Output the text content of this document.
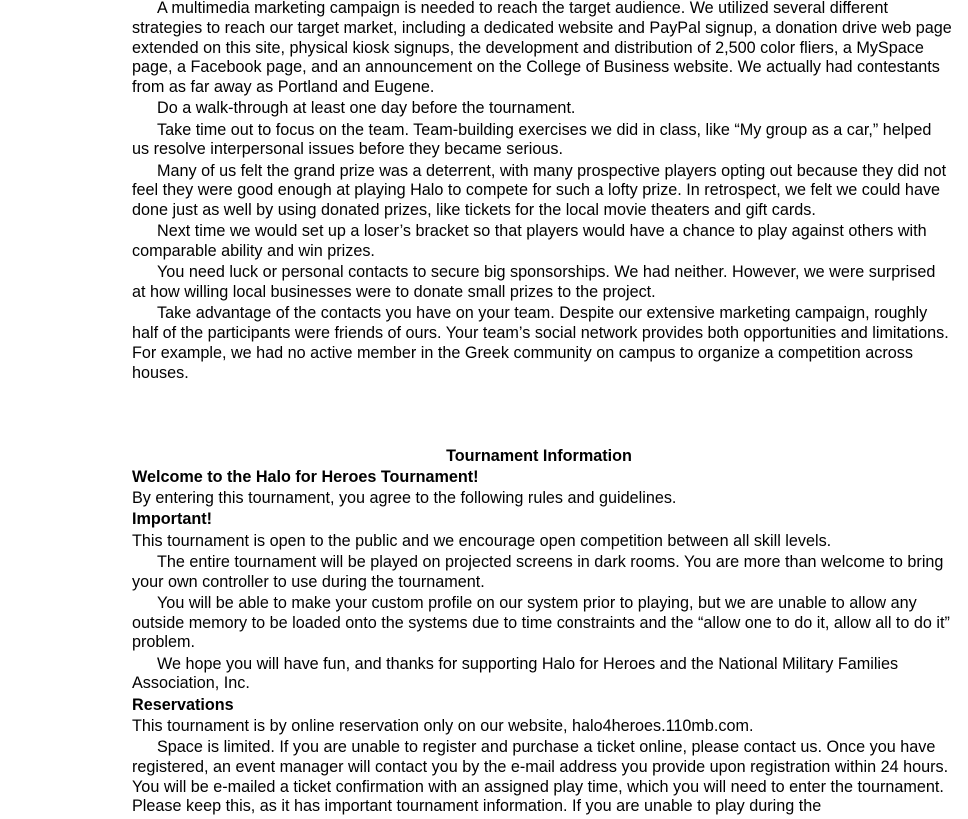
A multimedia marketing campaign is needed to reach the target audience. We utilized several different strategies to reach our target market, including a dedicated website and PayPal signup, a donation drive web page extended on this site, physical kiosk signups, the development and distribution of 2,500 color fliers, a MySpace page, a Facebook page, and an announcement on the College of Business website. We actually had contestants from as far away as Portland and Eugene.

Do a walk-through at least one day before the tournament.

Take time out to focus on the team. Team-building exercises we did in class, like “My group as a car,” helped us resolve interpersonal issues before they became serious.

Many of us felt the grand prize was a deterrent, with many prospective players opting out because they did not feel they were good enough at playing Halo to compete for such a lofty prize. In retrospect, we felt we could have done just as well by using donated prizes, like tickets for the local movie theaters and gift cards.

Next time we would set up a loser’s bracket so that players would have a chance to play against others with comparable ability and win prizes.

You need luck or personal contacts to secure big sponsorships. We had neither. However, we were surprised at how willing local businesses were to donate small prizes to the project.

Take advantage of the contacts you have on your team. Despite our extensive marketing campaign, roughly half of the participants were friends of ours. Your team’s social network provides both opportunities and limitations. For example, we had no active member in the Greek community on campus to organize a competition across houses.

Tournament Information

Welcome to the Halo for Heroes Tournament!

By entering this tournament, you agree to the following rules and guidelines.

Important!

This tournament is open to the public and we encourage open competition between all skill levels.

The entire tournament will be played on projected screens in dark rooms. You are more than welcome to bring your own controller to use during the tournament.

You will be able to make your custom profile on our system prior to playing, but we are unable to allow any outside memory to be loaded onto the systems due to time constraints and the “allow one to do it, allow all to do it” problem.

We hope you will have fun, and thanks for supporting Halo for Heroes and the National Military Families Association, Inc.

Reservations

This tournament is by online reservation only on our website, halo4heroes.110mb.com.

Space is limited. If you are unable to register and purchase a ticket online, please contact us. Once you have registered, an event manager will contact you by the e-mail address you provide upon registration within 24 hours. You will be e-mailed a ticket confirmation with an assigned play time, which you will need to enter the tournament. Please keep this, as it has important tournament information. If you are unable to play during the
